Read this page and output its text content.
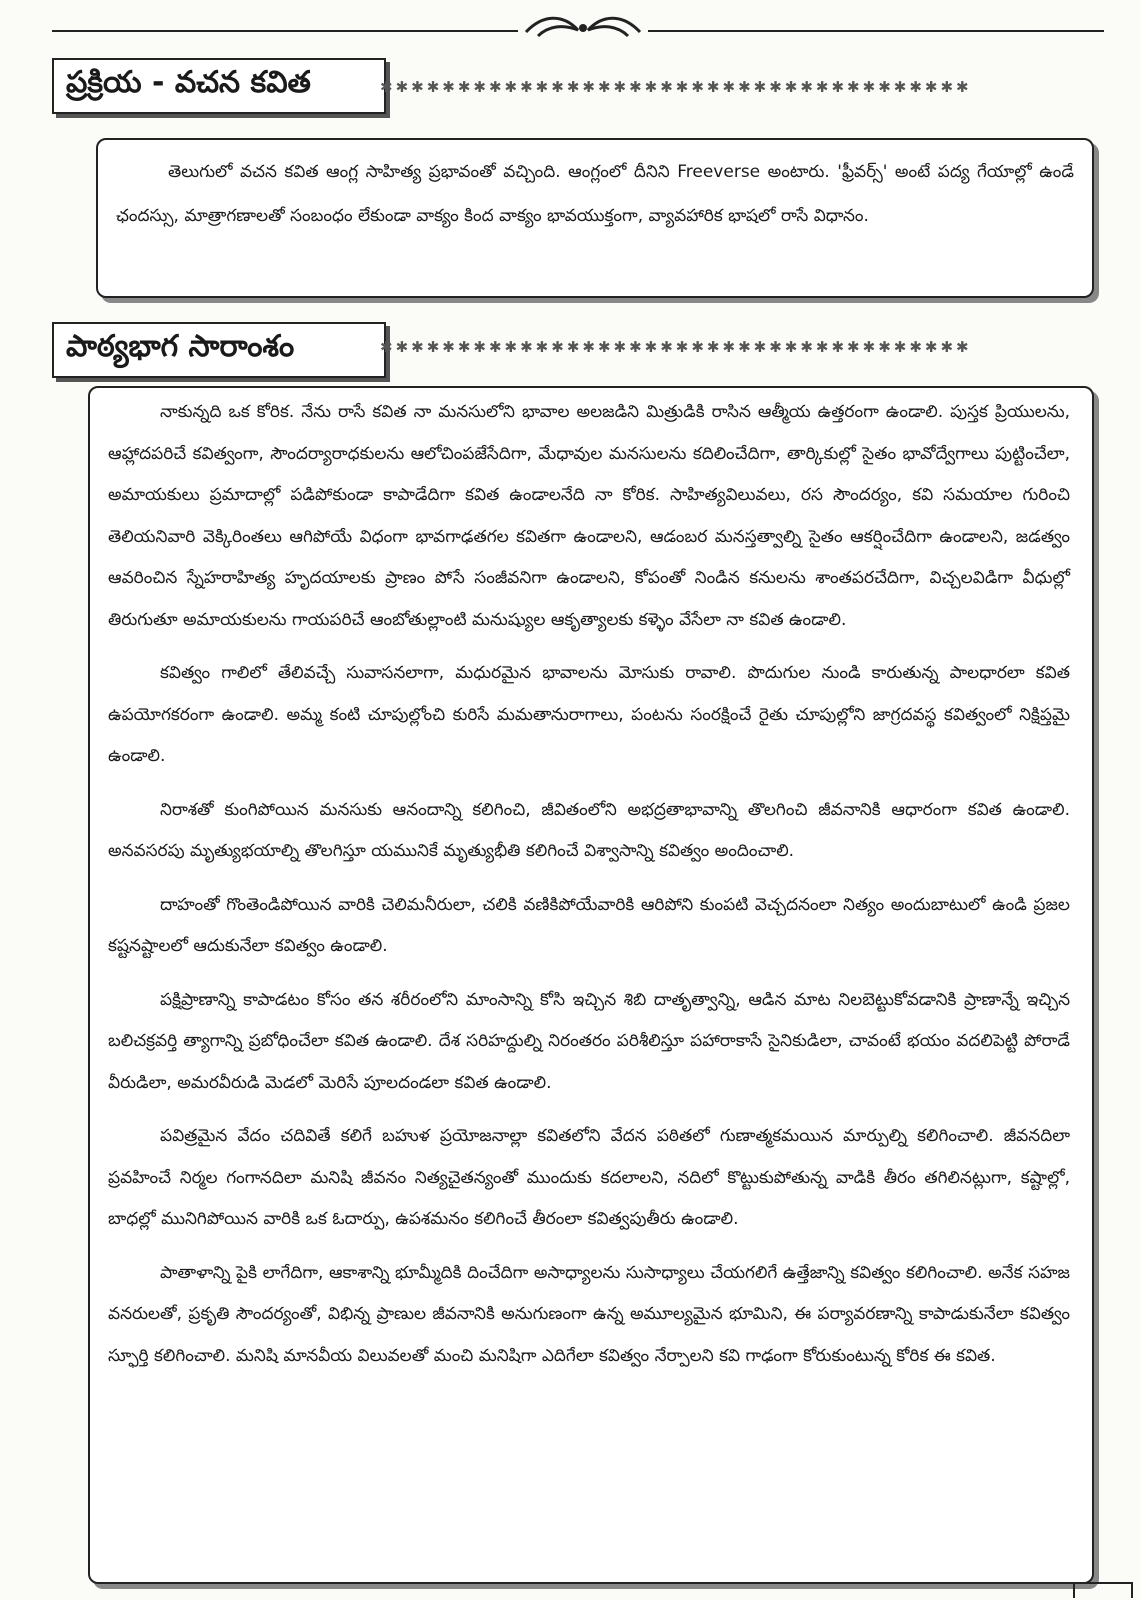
ప్రక్రియ - వచన కవిత	✱✱✱✱✱✱✱✱✱✱✱✱✱✱✱✱✱✱✱✱✱✱✱✱✱✱✱✱✱✱✱✱✱✱✱✱✱✱

తెలుగులో వచన కవిత ఆంగ్ల సాహిత్య ప్రభావంతో వచ్చింది. ఆంగ్లంలో దీనిని Freeverse అంటారు. 'ఫ్రీవర్స్' అంటే పద్య గేయాల్లో ఉండే ఛందస్సు, మాత్రాగణాలతో సంబంధం లేకుండా వాక్యం కింద వాక్యం భావయుక్తంగా, వ్యావహారిక భాషలో రాసే విధానం.

పాఠ్యభాగ సారాంశం	✱✱✱✱✱✱✱✱✱✱✱✱✱✱✱✱✱✱✱✱✱✱✱✱✱✱✱✱✱✱✱✱✱✱✱✱✱✱

నాకున్నది ఒక కోరిక. నేను రాసే కవిత నా మనసులోని భావాల అలజడిని మిత్రుడికి రాసిన ఆత్మీయ ఉత్తరంగా ఉండాలి. పుస్తక ప్రియులను, ఆహ్లాదపరిచే కవిత్వంగా, సౌందర్యారాధకులను ఆలోచింపజేసేదిగా, మేధావుల మనసులను కదిలించేదిగా, తార్కికుల్లో సైతం భావోద్వేగాలు పుట్టించేలా, అమాయకులు ప్రమాదాల్లో పడిపోకుండా కాపాడేదిగా కవిత ఉండాలనేది నా కోరిక. సాహిత్యవిలువలు, రస సౌందర్యం, కవి సమయాల గురించి తెలియనివారి వెక్కిరింతలు ఆగిపోయే విధంగా భావగాఢతగల కవితగా ఉండాలని, ఆడంబర మనస్తత్వాల్ని సైతం ఆకర్షించేదిగా ఉండాలని, జడత్వం ఆవరించిన స్నేహరాహిత్య హృదయాలకు ప్రాణం పోసే సంజీవనిగా ఉండాలని, కోపంతో నిండిన కనులను శాంతపరచేదిగా, విచ్చలవిడిగా వీధుల్లో తిరుగుతూ అమాయకులను గాయపరిచే ఆంబోతుల్లాంటి మనుష్యుల ఆకృత్యాలకు కళ్ళెం వేసేలా నా కవిత ఉండాలి.

కవిత్వం గాలిలో తేలివచ్చే సువాసనలాగా, మధురమైన భావాలను మోసుకు రావాలి. పొదుగుల నుండి కారుతున్న పాలధారలా కవిత ఉపయోగకరంగా ఉండాలి. అమ్మ కంటి చూపుల్లోంచి కురిసే మమతానురాగాలు, పంటను సంరక్షించే రైతు చూపుల్లోని జాగ్రదవస్థ కవిత్వంలో నిక్షిప్తమై ఉండాలి.

నిరాశతో కుంగిపోయిన మనసుకు ఆనందాన్ని కలిగించి, జీవితంలోని అభద్రతాభావాన్ని తొలగించి జీవనానికి ఆధారంగా కవిత ఉండాలి. అనవసరపు మృత్యుభయాల్ని తొలగిస్తూ యమునికే మృత్యుభీతి కలిగించే విశ్వాసాన్ని కవిత్వం అందించాలి.

దాహంతో గొంతెండిపోయిన వారికి చెలిమనీరులా, చలికి వణికిపోయేవారికి ఆరిపోని కుంపటి వెచ్చదనంలా నిత్యం అందుబాటులో ఉండి ప్రజల కష్టనష్టాలలో ఆదుకునేలా కవిత్వం ఉండాలి.

పక్షిప్రాణాన్ని కాపాడటం కోసం తన శరీరంలోని మాంసాన్ని కోసి ఇచ్చిన శిబి దాతృత్వాన్ని, ఆడిన మాట నిలబెట్టుకోవడానికి ప్రాణాన్నే ఇచ్చిన బలిచక్రవర్తి త్యాగాన్ని ప్రబోధించేలా కవిత ఉండాలి. దేశ సరిహద్దుల్ని నిరంతరం పరిశీలిస్తూ పహారాకాసే సైనికుడిలా, చావంటే భయం వదలిపెట్టి పోరాడే వీరుడిలా, అమరవీరుడి మెడలో మెరిసే పూలదండలా కవిత ఉండాలి.

పవిత్రమైన వేదం చదివితే కలిగే బహుళ ప్రయోజనాల్లా కవితలోని వేదన పఠితలో గుణాత్మకమయిన మార్పుల్ని కలిగించాలి. జీవనదిలా ప్రవహించే నిర్మల గంగానదిలా మనిషి జీవనం నిత్యచైతన్యంతో ముందుకు కదలాలని, నదిలో కొట్టుకుపోతున్న వాడికి తీరం తగిలినట్లుగా, కష్టాల్లో, బాధల్లో మునిగిపోయిన వారికి ఒక ఓదార్పు, ఉపశమనం కలిగించే తీరంలా కవిత్వపుతీరు ఉండాలి.

పాతాళాన్ని పైకి లాగేదిగా, ఆకాశాన్ని భూమ్మీదికి దించేదిగా అసాధ్యాలను సుసాధ్యాలు చేయగలిగే ఉత్తేజాన్ని కవిత్వం కలిగించాలి. అనేక సహజ వనరులతో, ప్రకృతి సౌందర్యంతో, విభిన్న ప్రాణుల జీవనానికి అనుగుణంగా ఉన్న అమూల్యమైన భూమిని, ఈ పర్యావరణాన్ని కాపాడుకునేలా కవిత్వం స్ఫూర్తి కలిగించాలి. మనిషి మానవీయ విలువలతో మంచి మనిషిగా ఎదిగేలా కవిత్వం నేర్పాలని కవి గాఢంగా కోరుకుంటున్న కోరిక ఈ కవిత.
